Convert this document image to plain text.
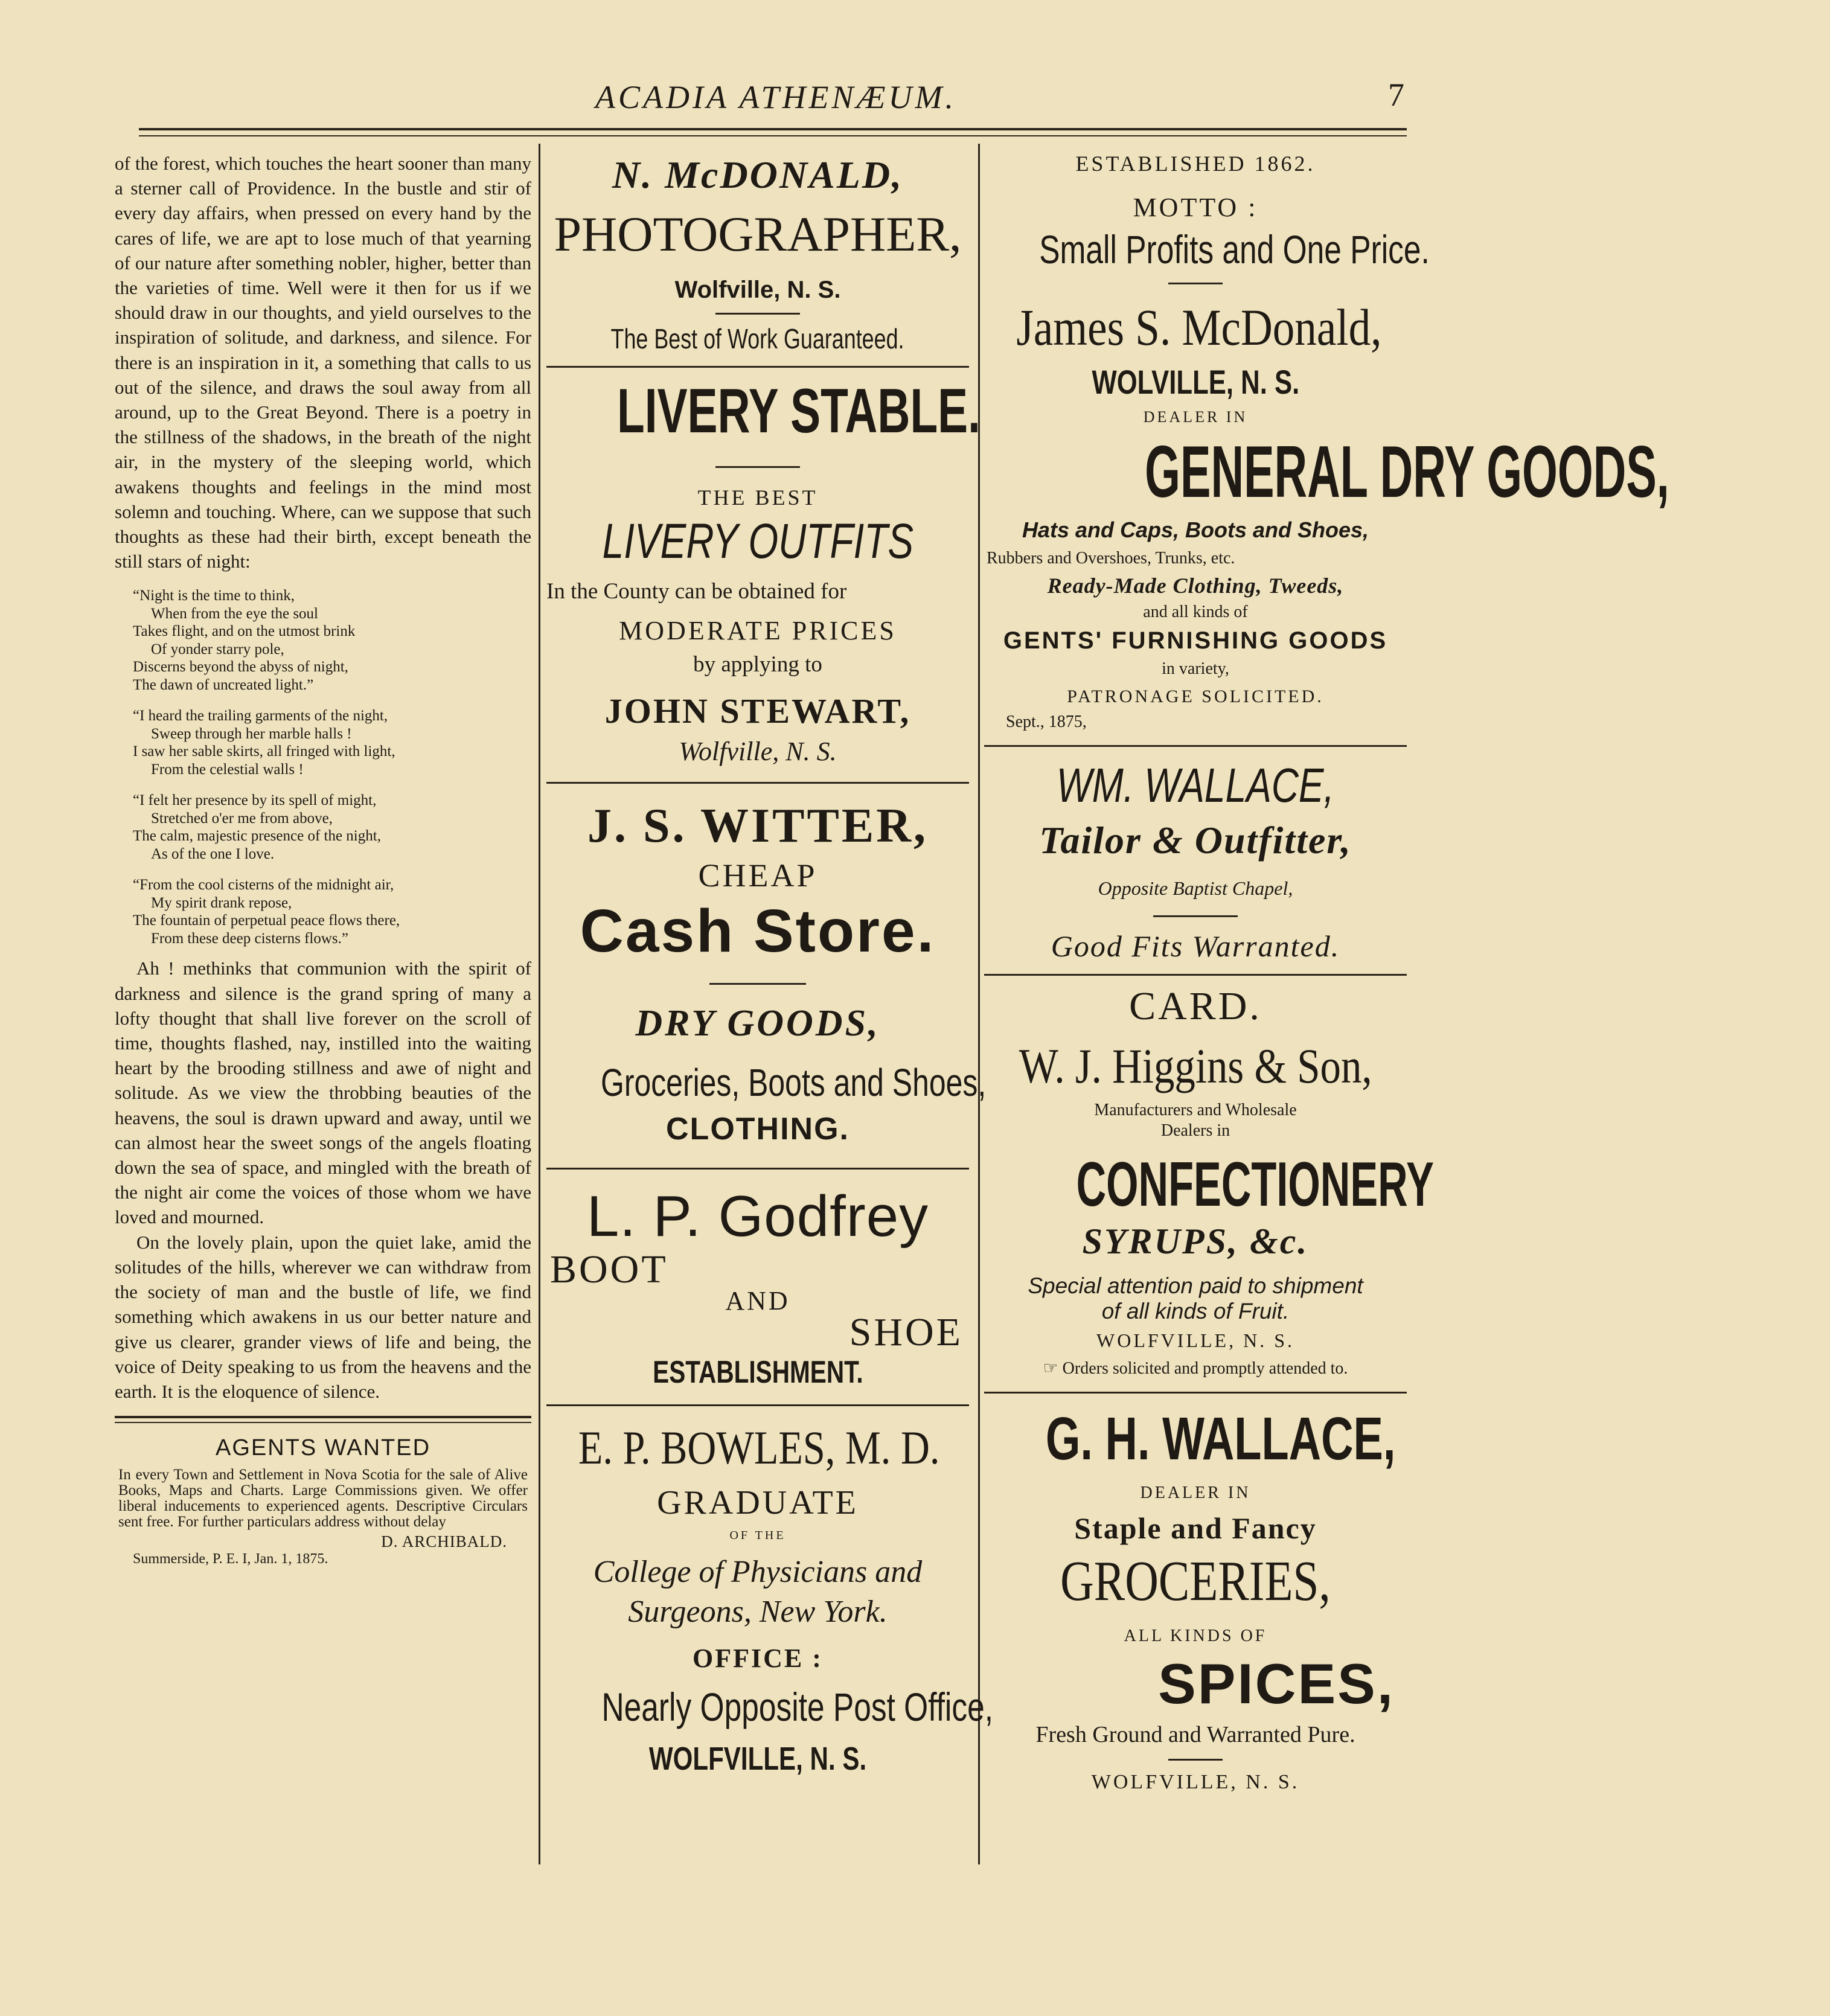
ACADIA ATHENÆUM.	7

of the forest, which touches the heart sooner than many a sterner call of Providence. In the bustle and stir of every day affairs, when pressed on every hand by the cares of life, we are apt to lose much of that yearning of our nature after something nobler, higher, better than the varieties of time. Well were it then for us if we should draw in our thoughts, and yield ourselves to the inspiration of solitude, and darkness, and silence. For there is an inspiration in it, a something that calls to us out of the silence, and draws the soul away from all around, up to the Great Beyond. There is a poetry in the stillness of the shadows, in the breath of the night air, in the mystery of the sleeping world, which awakens thoughts and feelings in the mind most solemn and touching. Where, can we suppose that such thoughts as these had their birth, except beneath the still stars of night:

“Night is the time to think,
When from the eye the soul
Takes flight, and on the utmost brink
Of yonder starry pole,
Discerns beyond the abyss of night,
The dawn of uncreated light.”
“I heard the trailing garments of the night,
Sweep through her marble halls !
I saw her sable skirts, all fringed with light,
From the celestial walls !
“I felt her presence by its spell of might,
Stretched o'er me from above,
The calm, majestic presence of the night,
As of the one I love.
“From the cool cisterns of the midnight air,
My spirit drank repose,
The fountain of perpetual peace flows there,
From these deep cisterns flows.”

Ah ! methinks that communion with the spirit of darkness and silence is the grand spring of many a lofty thought that shall live forever on the scroll of time, thoughts flashed, nay, instilled into the waiting heart by the brooding stillness and awe of night and solitude. As we view the throbbing beauties of the heavens, the soul is drawn upward and away, until we can almost hear the sweet songs of the angels floating down the sea of space, and mingled with the breath of the night air come the voices of those whom we have loved and mourned.

On the lovely plain, upon the quiet lake, amid the solitudes of the hills, wherever we can withdraw from the society of man and the bustle of life, we find something which awakens in us our better nature and give us clearer, grander views of life and being, the voice of Deity speaking to us from the heavens and the earth. It is the eloquence of silence.

AGENTS WANTED
In every Town and Settlement in Nova Scotia for the sale of Alive Books, Maps and Charts. Large Commissions given. We offer liberal inducements to experienced agents. Descriptive Circulars sent free. For further particulars address without delay
D. ARCHIBALD.
Summerside, P. E. I, Jan. 1, 1875.
N. McDONALD,
PHOTOGRAPHER,
Wolfville, N. S.
The Best of Work Guaranteed.
LIVERY STABLE.
THE BEST
LIVERY OUTFITS
In the County can be obtained for
MODERATE PRICES
by applying to
JOHN STEWART,
Wolfville, N. S.
J. S. WITTER,
CHEAP
Cash Store.
DRY GOODS,
Groceries, Boots and Shoes,
CLOTHING.
L. P. Godfrey
BOOT
AND
SHOE
ESTABLISHMENT.
E. P. BOWLES, M. D.
GRADUATE
OF THE
College of Physicians and
Surgeons, New York.
OFFICE :
Nearly Opposite Post Office,
WOLFVILLE, N. S.
ESTABLISHED 1862.
MOTTO :
Small Profits and One Price.
James S. McDonald,
WOLVILLE, N. S.
DEALER IN
GENERAL DRY GOODS,
Hats and Caps, Boots and Shoes,
Rubbers and Overshoes, Trunks, etc.
Ready-Made Clothing, Tweeds,
and all kinds of
GENTS' FURNISHING GOODS
in variety,
PATRONAGE SOLICITED.
Sept., 1875,
WM. WALLACE,
Tailor & Outfitter,
Opposite Baptist Chapel,
Good Fits Warranted.
CARD.
W. J. Higgins & Son,
Manufacturers and Wholesale
Dealers in
CONFECTIONERY
SYRUPS, &c.
Special attention paid to shipment
of all kinds of Fruit.
WOLFVILLE, N. S.
☞ Orders solicited and promptly attended to.
G. H. WALLACE,
DEALER IN
Staple and Fancy
GROCERIES,
ALL KINDS OF
SPICES,
Fresh Ground and Warranted Pure.
WOLFVILLE, N. S.
